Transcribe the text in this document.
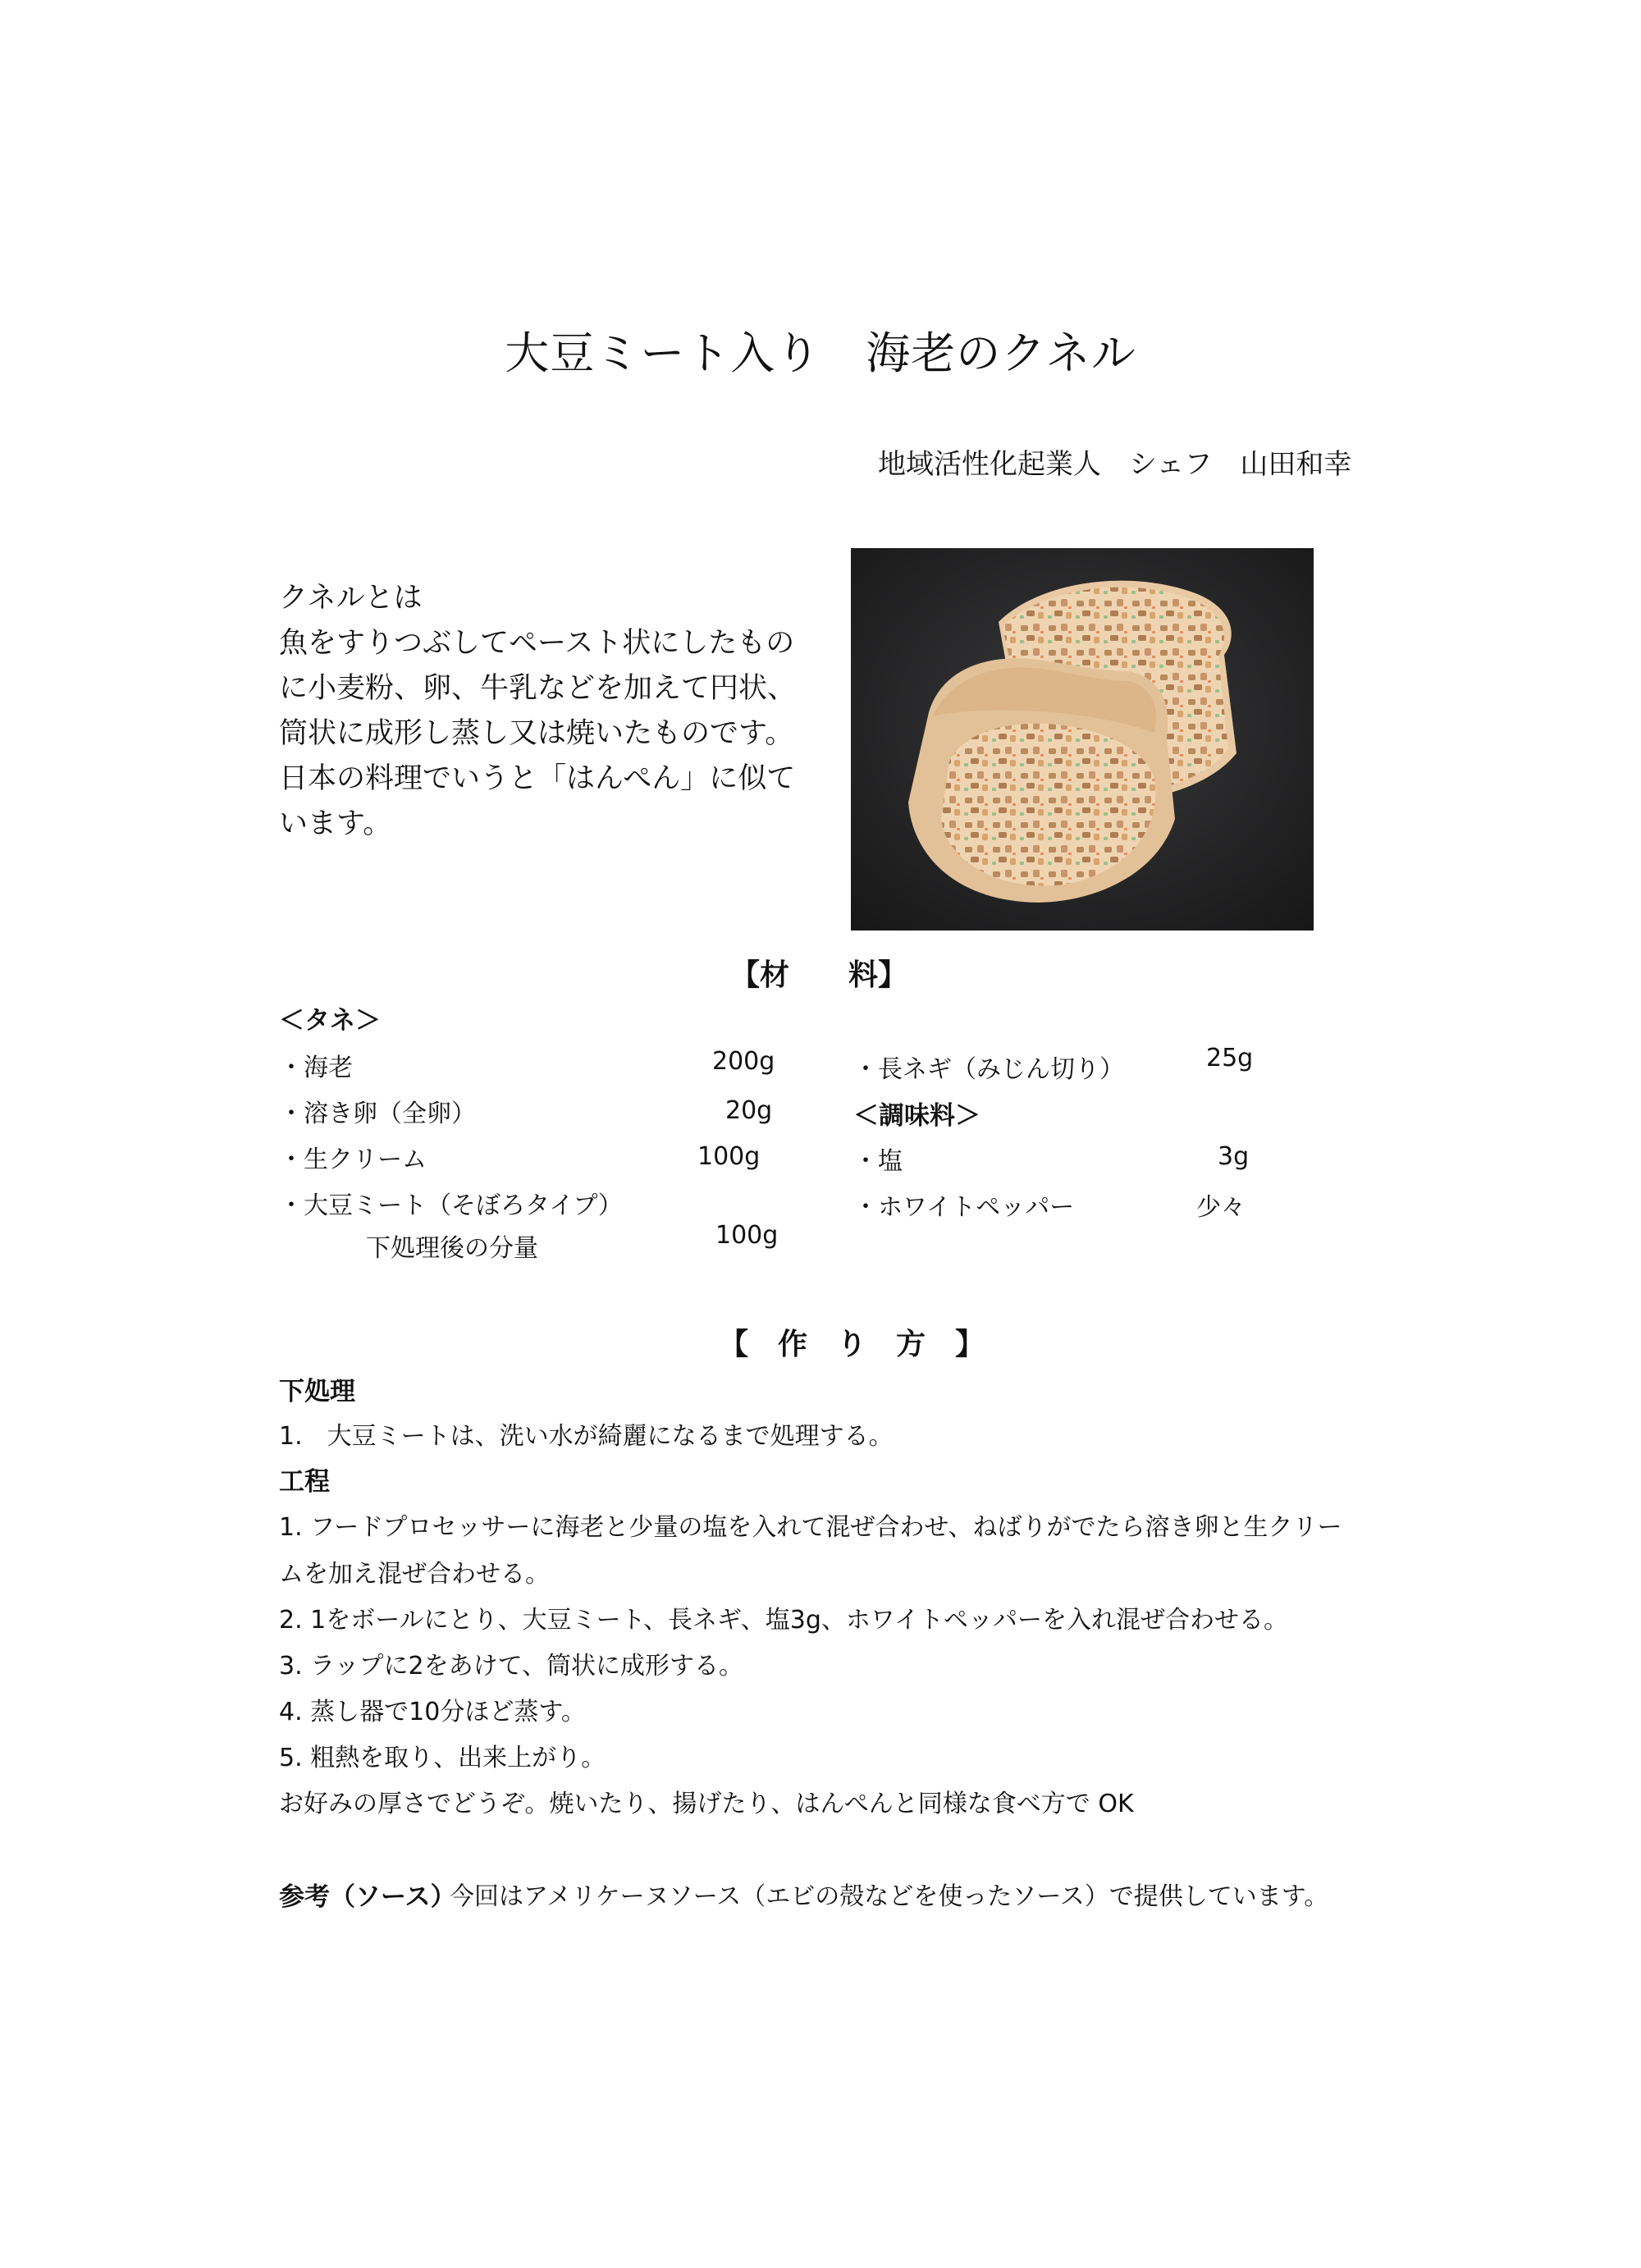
大豆ミート入り　海老のクネル
地域活性化起業人　シェフ　山田和幸
クネルとは
魚をすりつぶしてペースト状にしたもの
に小麦粉、卵、牛乳などを加えて円状、
筒状に成形し蒸し又は焼いたものです。
日本の料理でいうと「はんぺん」に似て
います。
【材　　料】
＜タネ＞
・海老	200g
・溶き卵（全卵）	20g
・生クリーム	100g
・大豆ミート（そぼろタイプ）
下処理後の分量	100g
・長ネギ（みじん切り）	25g
＜調味料＞
・塩	3g
・ホワイトペッパー	少々
【　作　り　方　】
下処理
1.　大豆ミートは、洗い水が綺麗になるまで処理する。
工程
1. フードプロセッサーに海老と少量の塩を入れて混ぜ合わせ、ねばりがでたら溶き卵と生クリー
ムを加え混ぜ合わせる。
2. 1をボールにとり、大豆ミート、長ネギ、塩3g、ホワイトペッパーを入れ混ぜ合わせる。
3. ラップに2をあけて、筒状に成形する。
4. 蒸し器で10分ほど蒸す。
5. 粗熱を取り、出来上がり。
お好みの厚さでどうぞ。焼いたり、揚げたり、はんぺんと同様な食べ方で OK
参考（ソース）
今回はアメリケーヌソース（エビの殻などを使ったソース）で提供しています。
